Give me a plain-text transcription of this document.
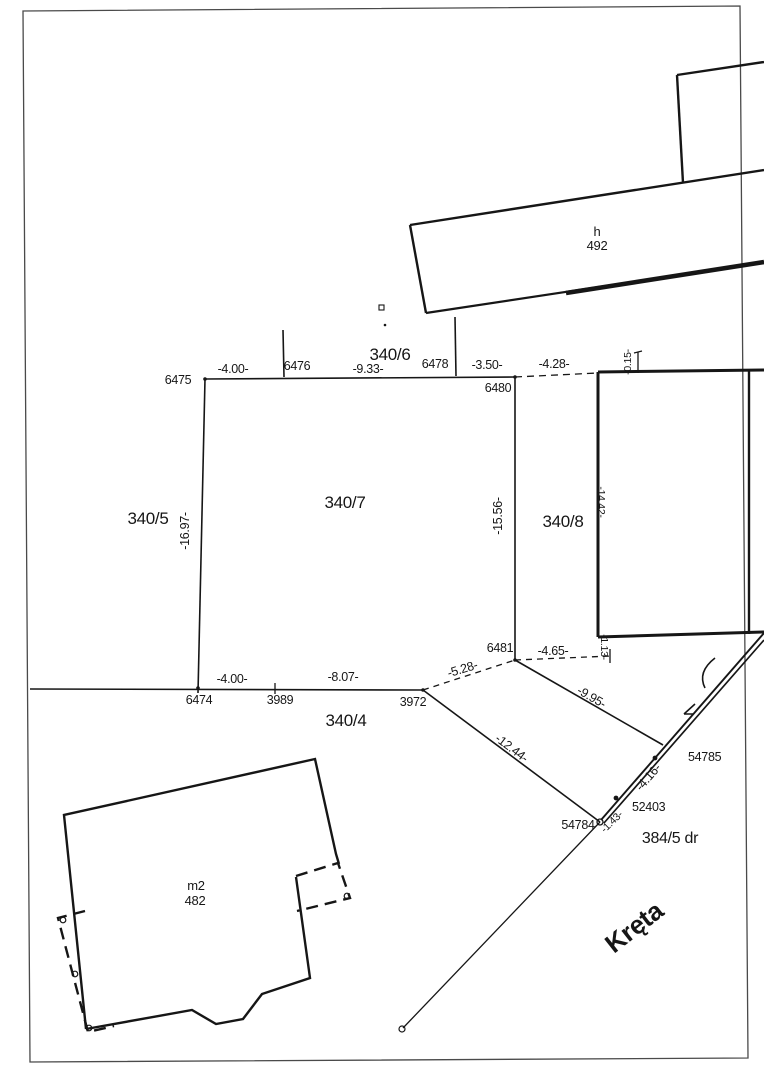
h
492
m2
482
340/5
340/6
340/7
340/8
340/4
384/5 dr
Kręta
6475
6476	6478
6480
6481
6474	3989	3972
54785
52403
54784
-4.00-	-9.33-	-3.50-	-4.28-	-0.15-
-16.97-	-15.56-	-14.42-
-4.65-	-1.13-
-4.00-	-8.07-	-5.28-
-9.95-
-12.44-
-4.16-
-1.43-
